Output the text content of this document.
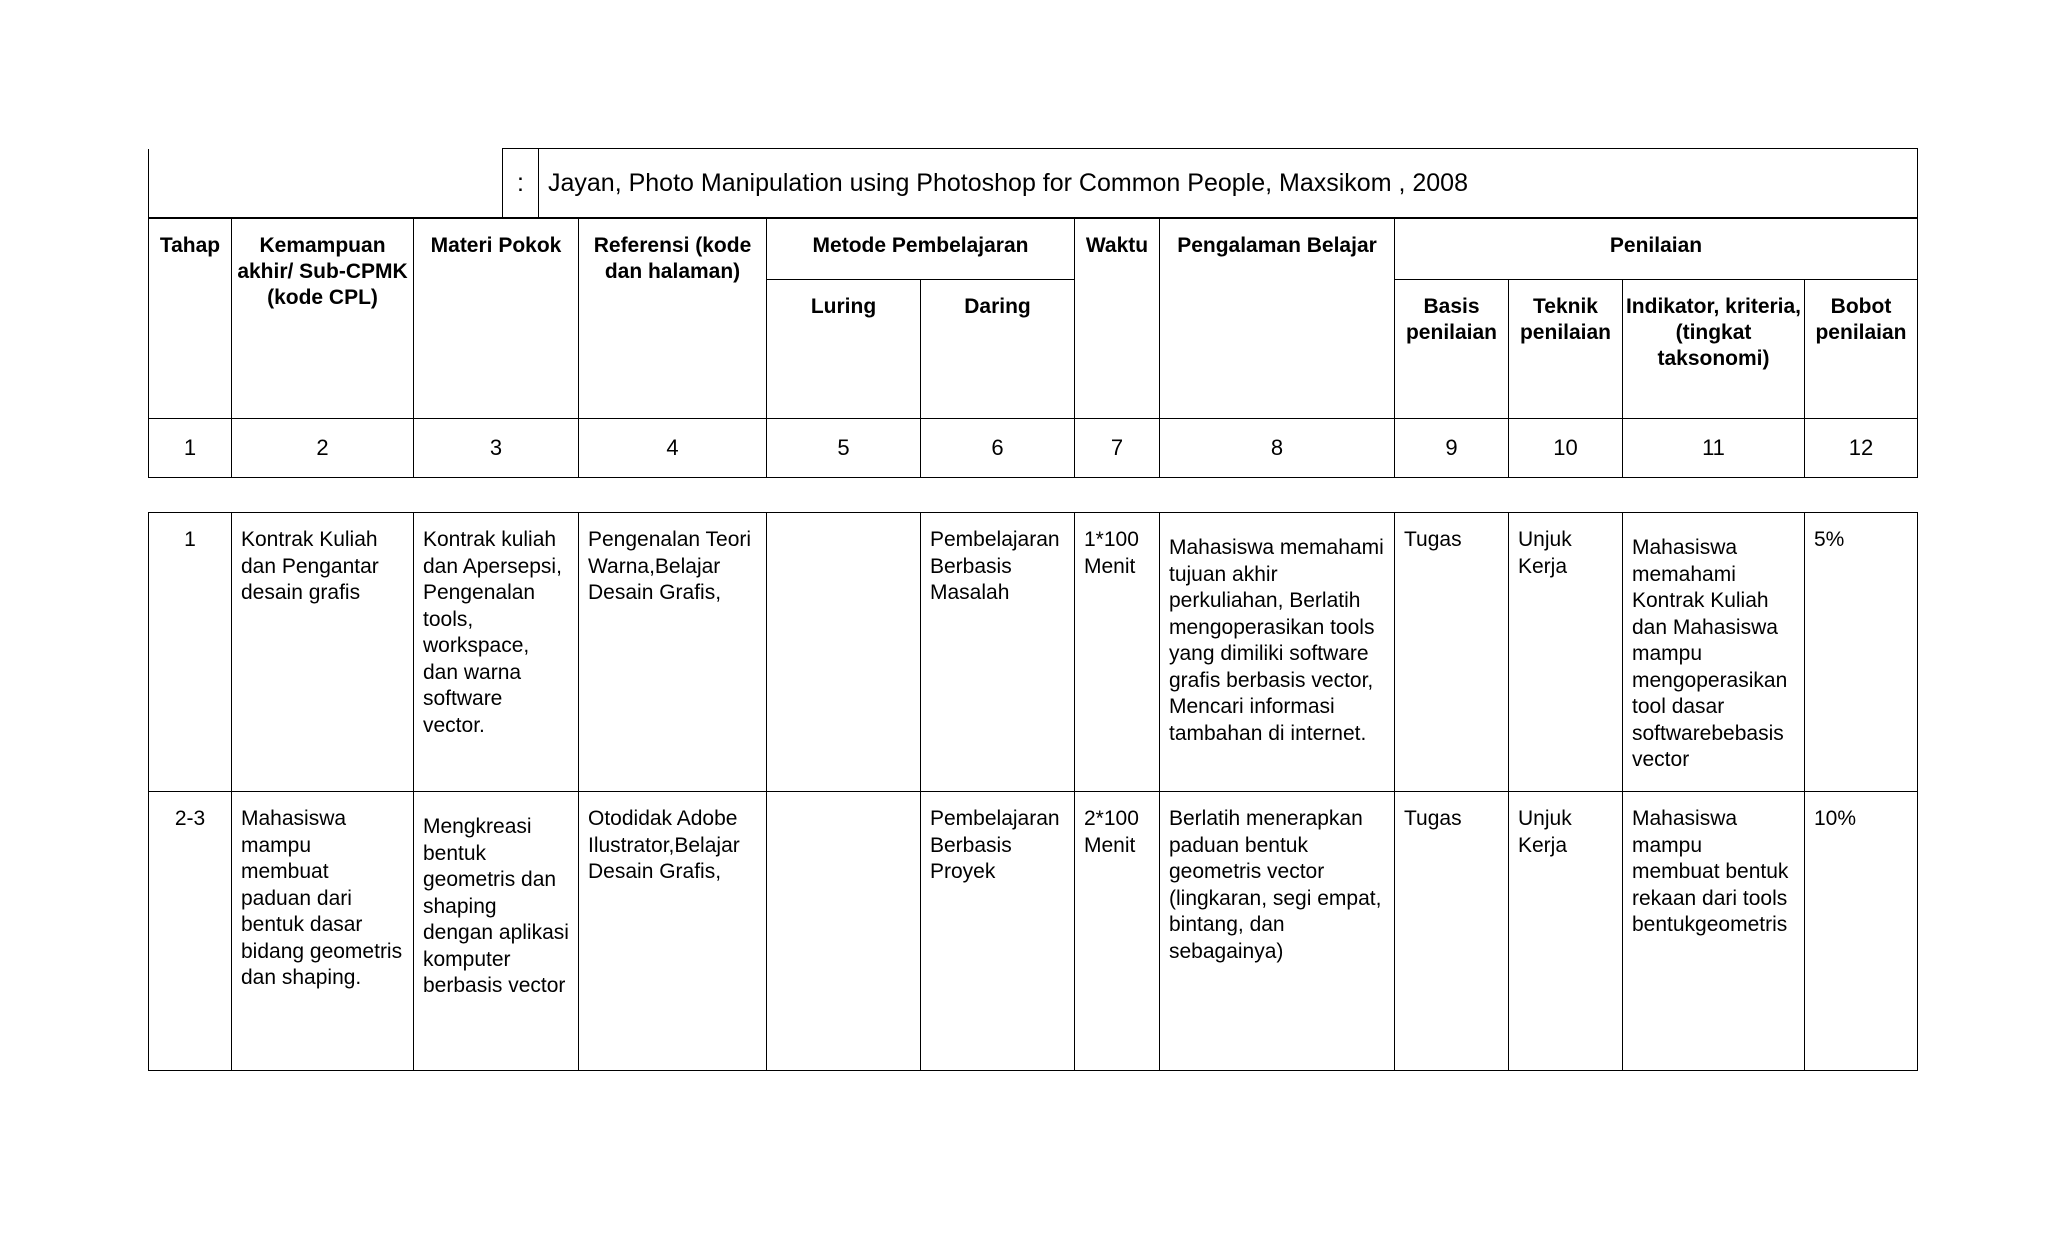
	:	Jayan, Photo Manipulation using Photoshop for Common People, Maxsikom , 2008
Tahap	Kemampuan akhir/ Sub-CPMK (kode CPL)	Materi Pokok	Referensi (kode dan halaman)	Metode Pembelajaran		Waktu	Pengalaman Belajar	Penilaian			
				Luring	Daring			Basis penilaian	Teknik penilaian	Indikator, kriteria, (tingkat taksonomi)	Bobot penilaian
1	2	3	4	5	6	7	8	9	10	11	12
1	Kontrak Kuliah dan Pengantar desain grafis	Kontrak kuliah dan Apersepsi, Pengenalan tools, workspace, dan warna software vector.	Pengenalan Teori Warna,Belajar Desain Grafis,		Pembelajaran Berbasis Masalah	1*100 Menit	Mahasiswa memahami tujuan akhir perkuliahan, Berlatih mengoperasikan tools yang dimiliki software grafis berbasis vector, Mencari informasi tambahan di internet.	Tugas	Unjuk Kerja	Mahasiswa memahami Kontrak Kuliah dan Mahasiswa mampu mengoperasikan tool dasar softwarebebasis vector	5%
2-3	Mahasiswa mampu membuat paduan dari bentuk dasar bidang geometris dan shaping.	Mengkreasi bentuk geometris dan shaping dengan aplikasi komputer berbasis vector	Otodidak Adobe Ilustrator,Belajar Desain Grafis,		Pembelajaran Berbasis Proyek	2*100 Menit	Berlatih menerapkan paduan bentuk geometris vector (lingkaran, segi empat, bintang, dan sebagainya)	Tugas	Unjuk Kerja	Mahasiswa mampu membuat bentuk rekaan dari tools bentukgeometris	10%
